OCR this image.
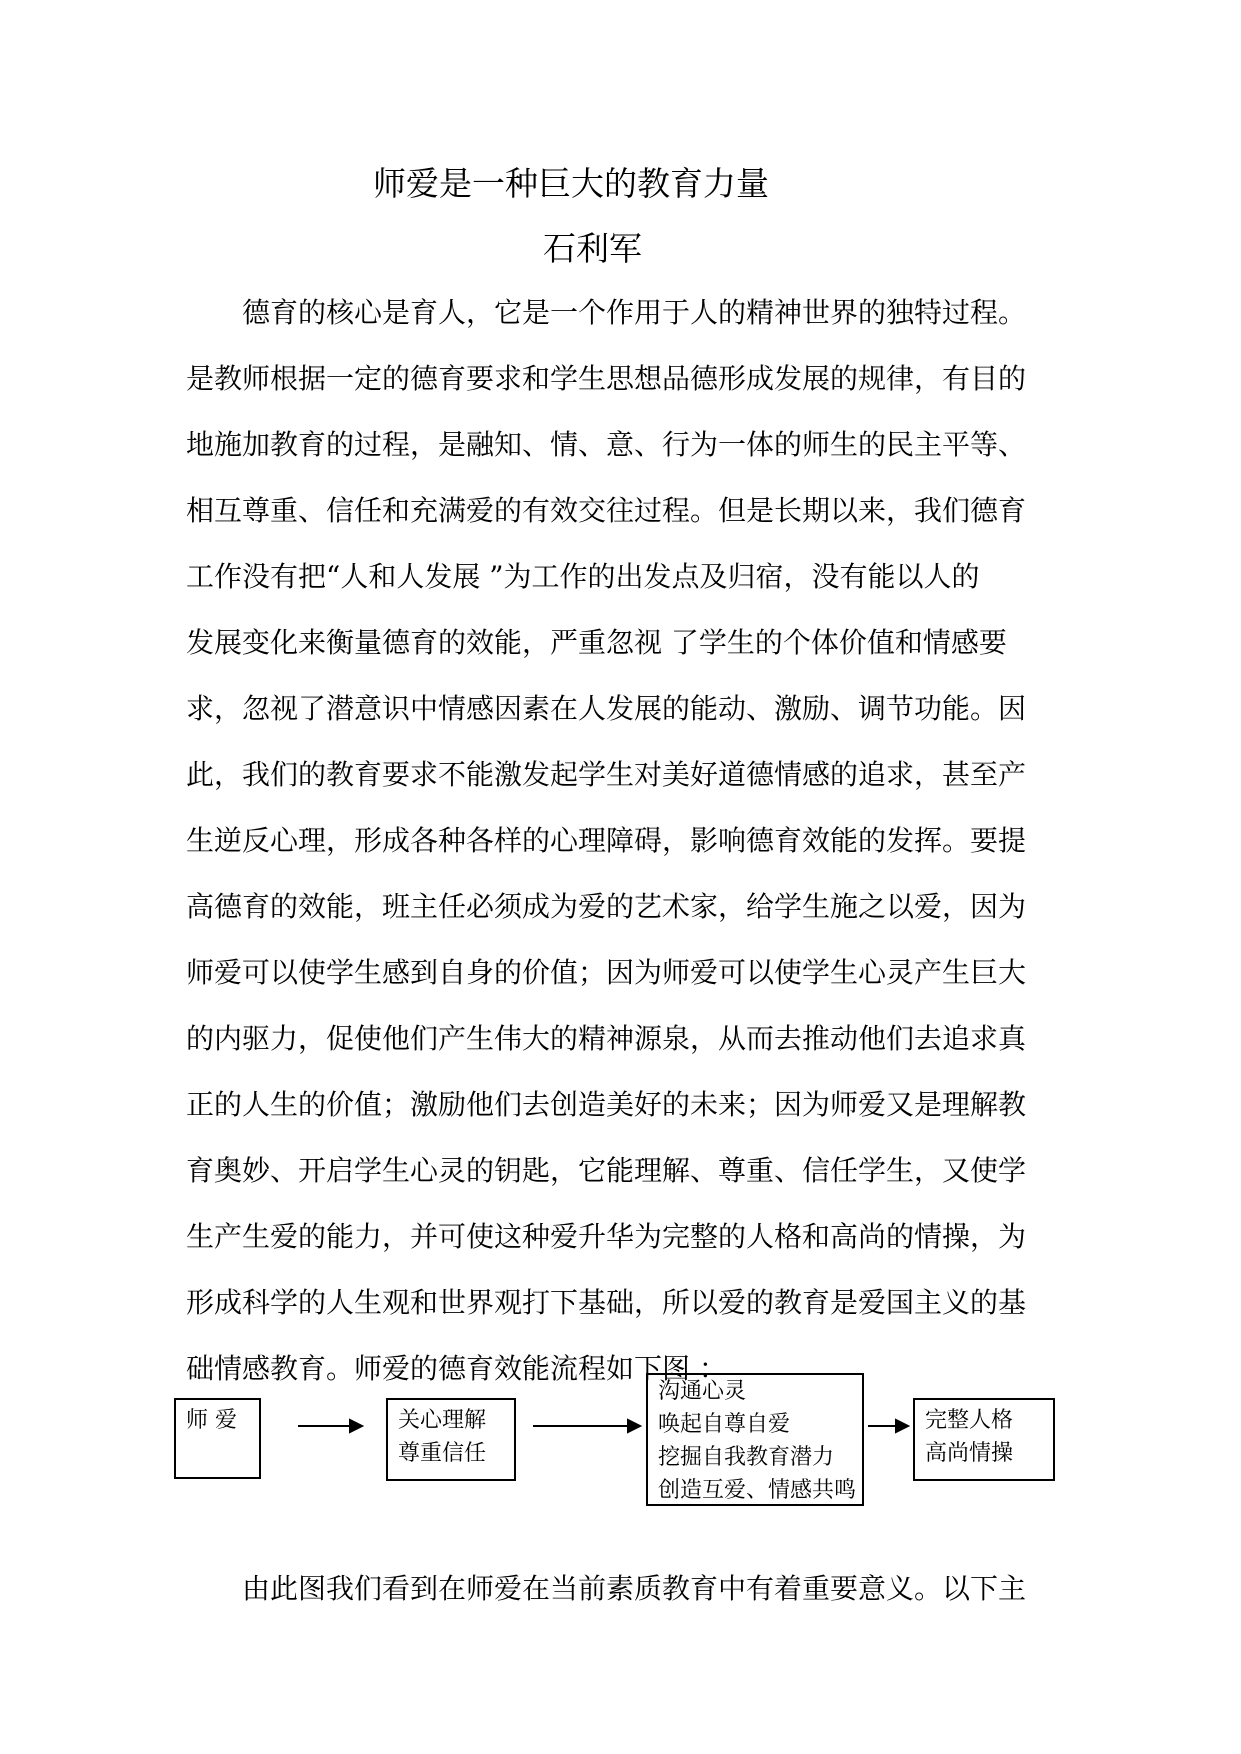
师爱是一种巨大的教育力量
石利军
　　德育的核心是育人，它是一个作用于人的精神世界的独特过程。
是教师根据一定的德育要求和学生思想品德形成发展的规律，有目的
地施加教育的过程，是融知、情、意、行为一体的师生的民主平等、
相互尊重、信任和充满爱的有效交往过程。但是长期以来，我们德育
工作没有把“人和人发展 ”为工作的出发点及归宿，没有能以人的
发展变化来衡量德育的效能，严重忽视 了学生的个体价值和情感要
求，忽视了潜意识中情感因素在人发展的能动、激励、调节功能。因
此，我们的教育要求不能激发起学生对美好道德情感的追求，甚至产
生逆反心理，形成各种各样的心理障碍，影响德育效能的发挥。要提
高德育的效能，班主任必须成为爱的艺术家，给学生施之以爱，因为
师爱可以使学生感到自身的价值；因为师爱可以使学生心灵产生巨大
的内驱力，促使他们产生伟大的精神源泉，从而去推动他们去追求真
正的人生的价值；激励他们去创造美好的未来；因为师爱又是理解教
育奥妙、开启学生心灵的钥匙，它能理解、尊重、信任学生，又使学
生产生爱的能力，并可使这种爱升华为完整的人格和高尚的情操，为
形成科学的人生观和世界观打下基础，所以爱的教育是爱国主义的基
础情感教育。师爱的德育效能流程如下图 ：
师 爱	关心理解
尊重信任
沟通心灵
唤起自尊自爱
挖掘自我教育潜力
创造互爱、情感共鸣
完整人格
高尚情操
　　由此图我们看到在师爱在当前素质教育中有着重要意义。以下主
